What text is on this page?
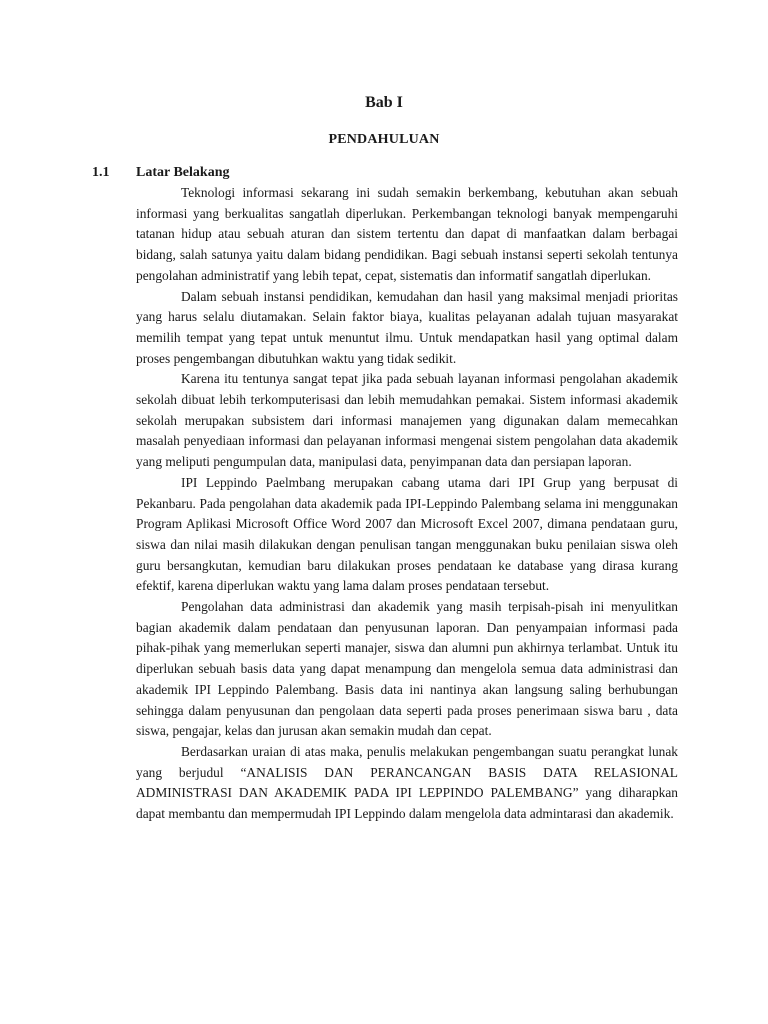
Bab I
PENDAHULUAN
1.1 Latar Belakang

Teknologi informasi sekarang ini sudah semakin berkembang, kebutuhan akan sebuah informasi yang berkualitas sangatlah diperlukan. Perkembangan teknologi banyak mempengaruhi tatanan hidup atau sebuah aturan dan sistem tertentu dan dapat di manfaatkan dalam berbagai bidang, salah satunya yaitu dalam bidang pendidikan. Bagi sebuah instansi seperti sekolah tentunya pengolahan administratif yang lebih tepat, cepat, sistematis dan informatif sangatlah diperlukan.

Dalam sebuah instansi pendidikan, kemudahan dan hasil yang maksimal menjadi prioritas yang harus selalu diutamakan. Selain faktor biaya, kualitas pelayanan adalah tujuan masyarakat memilih tempat yang tepat untuk menuntut ilmu. Untuk mendapatkan hasil yang optimal dalam proses pengembangan dibutuhkan waktu yang tidak sedikit.

Karena itu tentunya sangat tepat jika pada sebuah layanan informasi pengolahan akademik sekolah dibuat lebih terkomputerisasi dan lebih memudahkan pemakai. Sistem informasi akademik sekolah merupakan subsistem dari informasi manajemen yang digunakan dalam memecahkan masalah penyediaan informasi dan pelayanan informasi mengenai sistem pengolahan data akademik yang meliputi pengumpulan data, manipulasi data, penyimpanan data dan persiapan laporan.

IPI Leppindo Paelmbang merupakan cabang utama dari IPI Grup yang berpusat di Pekanbaru. Pada pengolahan data akademik pada IPI-Leppindo Palembang selama ini menggunakan Program Aplikasi Microsoft Office Word 2007 dan Microsoft Excel 2007, dimana pendataan guru, siswa dan nilai masih dilakukan dengan penulisan tangan menggunakan buku penilaian siswa oleh guru bersangkutan, kemudian baru dilakukan proses pendataan ke database yang dirasa kurang efektif, karena diperlukan waktu yang lama dalam proses pendataan tersebut.

Pengolahan data administrasi dan akademik yang masih terpisah-pisah ini menyulitkan bagian akademik dalam pendataan dan penyusunan laporan. Dan penyampaian informasi pada pihak-pihak yang memerlukan seperti manajer, siswa dan alumni pun akhirnya terlambat. Untuk itu diperlukan sebuah basis data yang dapat menampung dan mengelola semua data administrasi dan akademik IPI Leppindo Palembang. Basis data ini nantinya akan langsung saling berhubungan sehingga dalam penyusunan dan pengolaan data seperti pada proses penerimaan siswa baru , data siswa, pengajar, kelas dan jurusan akan semakin mudah dan cepat.

Berdasarkan uraian di atas maka, penulis melakukan pengembangan suatu perangkat lunak yang berjudul “ANALISIS DAN PERANCANGAN BASIS DATA RELASIONAL ADMINISTRASI DAN AKADEMIK PADA IPI LEPPINDO PALEMBANG” yang diharapkan dapat membantu dan mempermudah IPI Leppindo dalam mengelola data admintarasi dan akademik.
